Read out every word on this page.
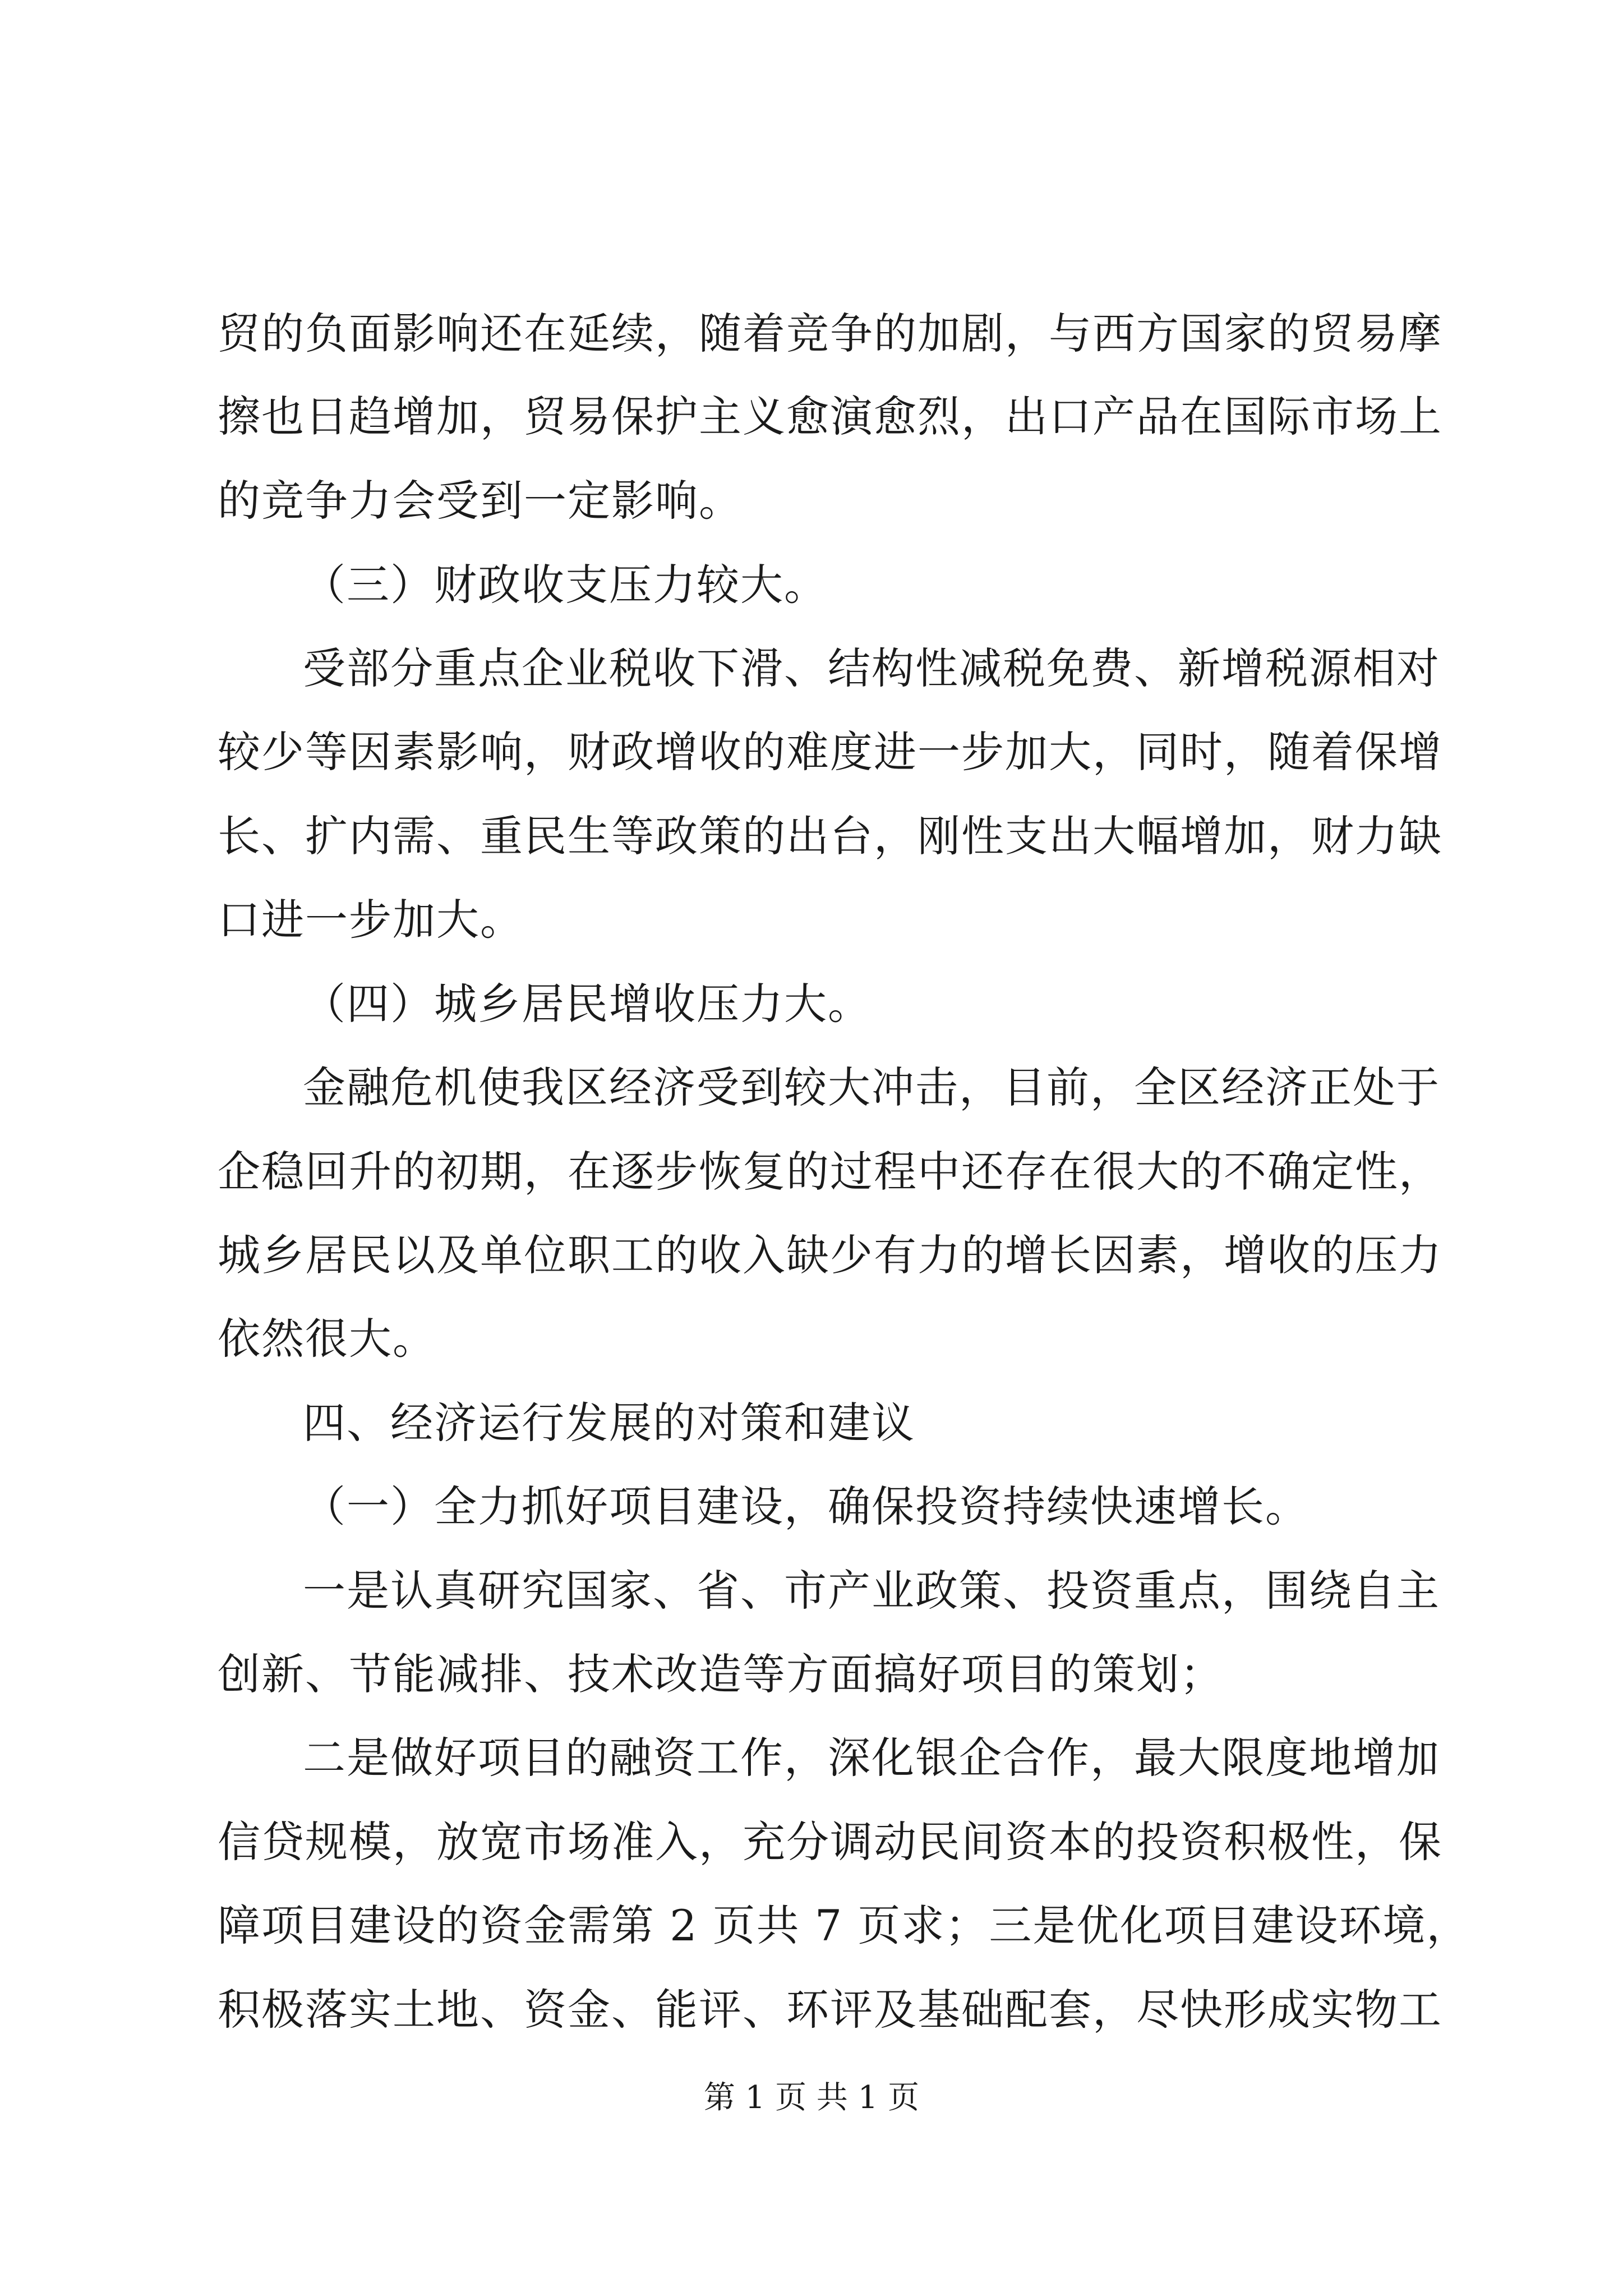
贸的负面影响还在延续，随着竞争的加剧，与西方国家的贸易摩
擦也日趋增加，贸易保护主义愈演愈烈，出口产品在国际市场上
的竞争力会受到一定影响。
（三）财政收支压力较大。
受部分重点企业税收下滑、结构性减税免费、新增税源相对
较少等因素影响，财政增收的难度进一步加大，同时，随着保增
长、扩内需、重民生等政策的出台，刚性支出大幅增加，财力缺
口进一步加大。
（四）城乡居民增收压力大。
金融危机使我区经济受到较大冲击，目前，全区经济正处于
企稳回升的初期，在逐步恢复的过程中还存在很大的不确定性，
城乡居民以及单位职工的收入缺少有力的增长因素，增收的压力
依然很大。
四、经济运行发展的对策和建议
（一）全力抓好项目建设，确保投资持续快速增长。
一是认真研究国家、省、市产业政策、投资重点，围绕自主
创新、节能减排、技术改造等方面搞好项目的策划；
二是做好项目的融资工作，深化银企合作，最大限度地增加
信贷规模，放宽市场准入，充分调动民间资本的投资积极性，保
障项目建设的资金需第 2 页共 7 页求；三是优化项目建设环境，
积极落实土地、资金、能评、环评及基础配套，尽快形成实物工
第 1 页 共 1 页
